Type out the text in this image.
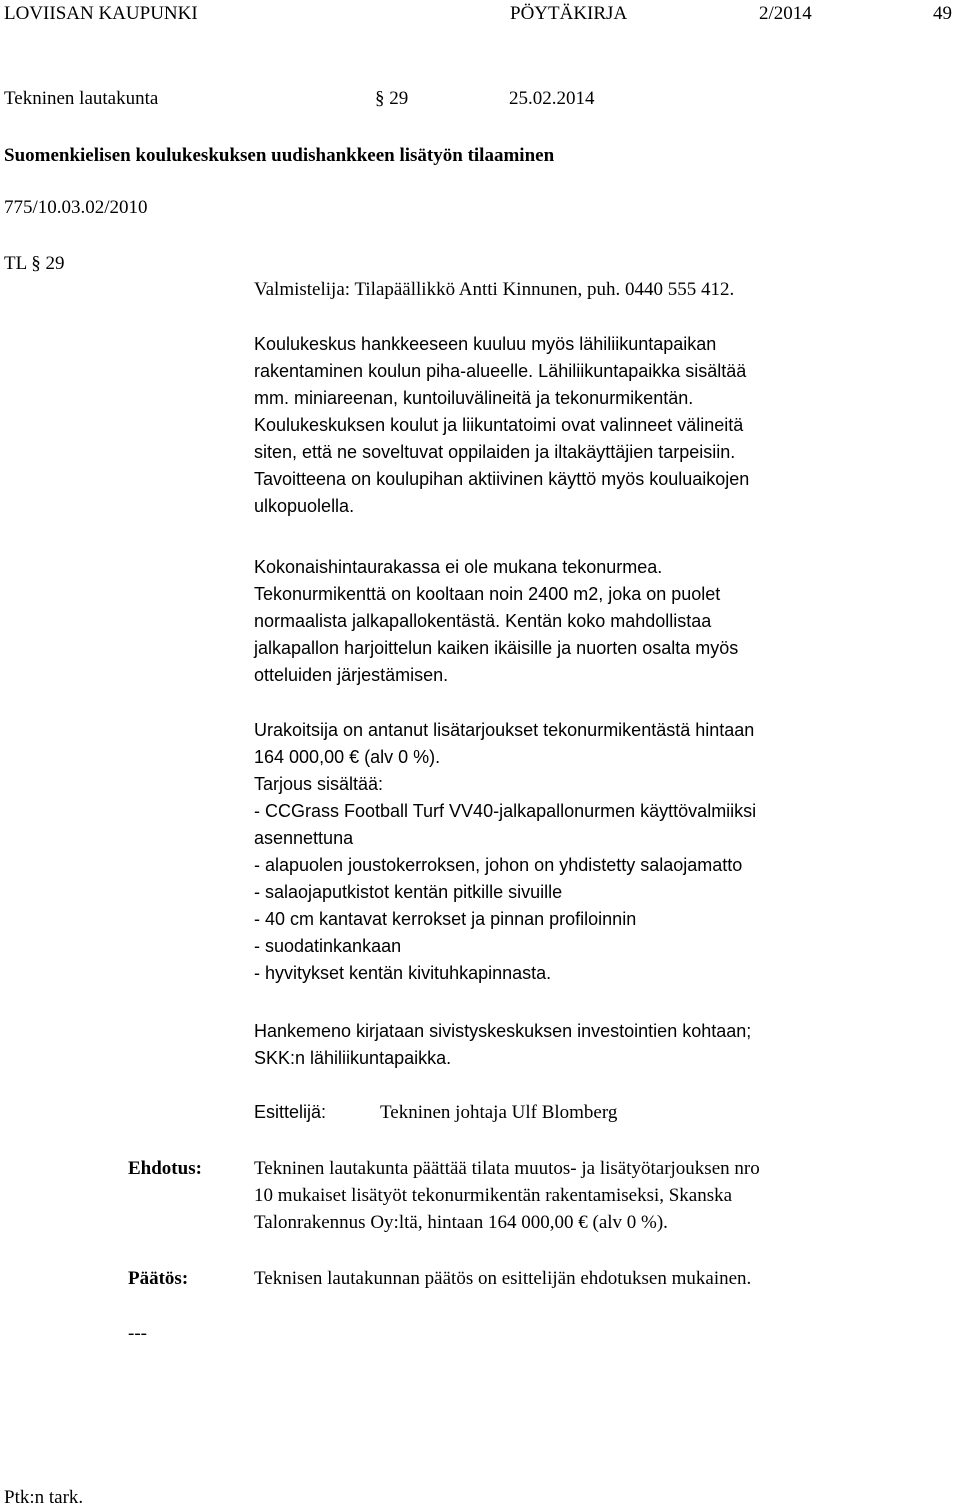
LOVIISAN KAUPUNKI	PÖYTÄKIRJA	2/2014	49
Tekninen lautakunta	§ 29	25.02.2014
Suomenkielisen koulukeskuksen uudishankkeen lisätyön tilaaminen
775/10.03.02/2010
TL § 29
Valmistelija: Tilapäällikkö Antti Kinnunen, puh. 0440 555 412.
Koulukeskus hankkeeseen kuuluu myös lähiliikuntapaikan
rakentaminen koulun piha-alueelle. Lähiliikuntapaikka sisältää
mm. miniareenan, kuntoiluvälineitä ja tekonurmikentän.
Koulukeskuksen koulut ja liikuntatoimi ovat valinneet välineitä
siten, että ne soveltuvat oppilaiden ja iltakäyttäjien tarpeisiin.
Tavoitteena on koulupihan aktiivinen käyttö myös kouluaikojen
ulkopuolella.
Kokonaishintaurakassa ei ole mukana tekonurmea.
Tekonurmikenttä on kooltaan noin 2400 m2, joka on puolet
normaalista jalkapallokentästä. Kentän koko mahdollistaa
jalkapallon harjoittelun kaiken ikäisille ja nuorten osalta myös
otteluiden järjestämisen.
Urakoitsija on antanut lisätarjoukset tekonurmikentästä hintaan
164 000,00 € (alv 0 %).
Tarjous sisältää:
- CCGrass Football Turf VV40-jalkapallonurmen käyttövalmiiksi
asennettuna
- alapuolen joustokerroksen, johon on yhdistetty salaojamatto
- salaojaputkistot kentän pitkille sivuille
- 40 cm kantavat kerrokset ja pinnan profiloinnin
- suodatinkankaan
- hyvitykset kentän kivituhkapinnasta.
Hankemeno kirjataan sivistyskeskuksen investointien kohtaan;
SKK:n lähiliikuntapaikka.
Esittelijä:	Tekninen johtaja Ulf Blomberg
Ehdotus:	Tekninen lautakunta päättää tilata muutos- ja lisätyötarjouksen nro
10 mukaiset lisätyöt tekonurmikentän rakentamiseksi, Skanska
Talonrakennus Oy:ltä, hintaan 164 000,00 € (alv 0 %).
Päätös:	Teknisen lautakunnan päätös on esittelijän ehdotuksen mukainen.
---
Ptk:n tark.
